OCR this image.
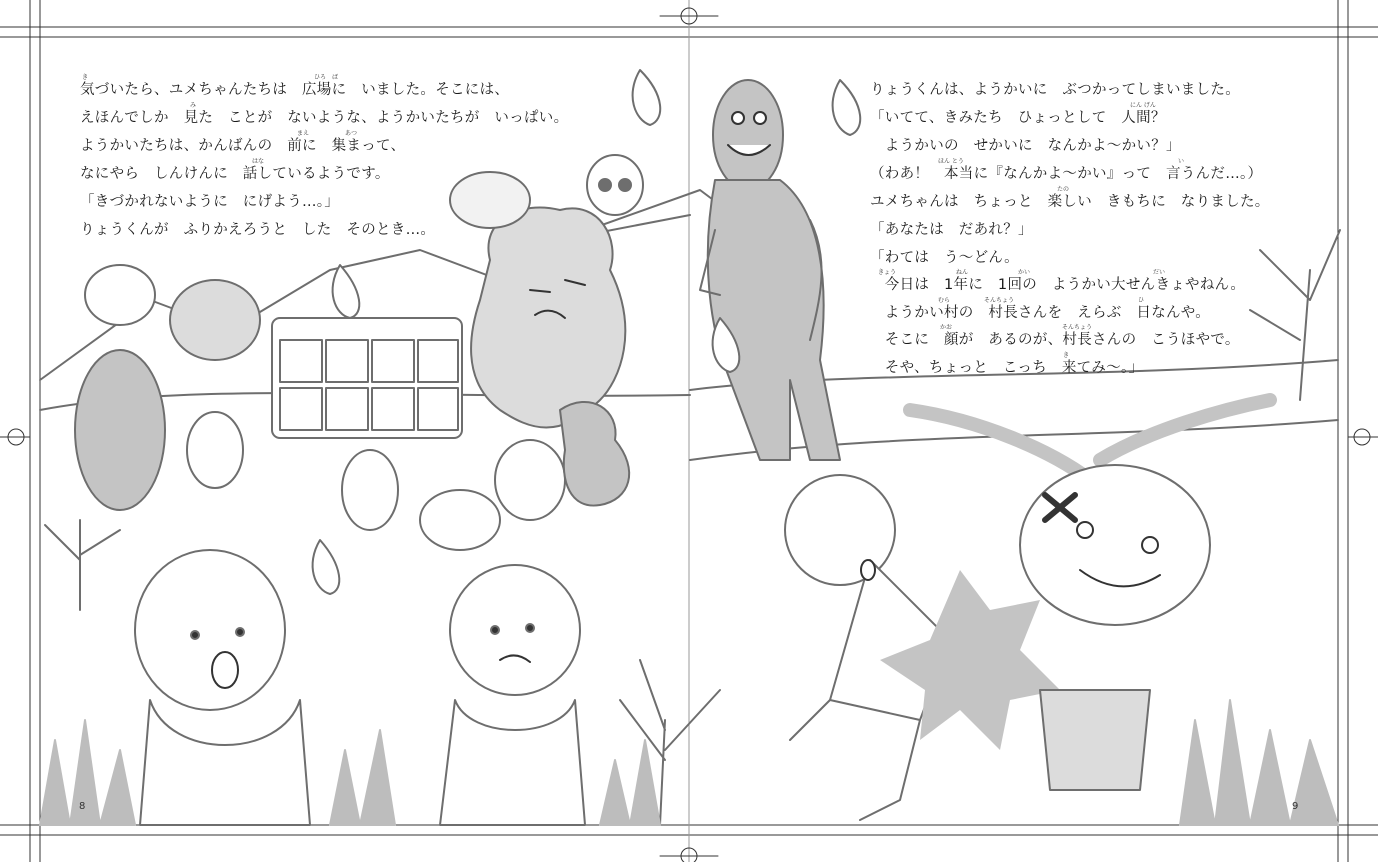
き	ひろ　ば
気づいたら、ユメちゃんたちは　広場に　いました。そこには、
み
えほんでしか　見た　ことが　ないような、ようかいたちが　いっぱい。
まえ	あつ
ようかいたちは、かんばんの　前に　集まって、
はな
なにやら　しんけんに　話しているようです。
「きづかれないように　にげよう…。」
りょうくんが　ふりかえろうと　した　そのとき…。
りょうくんは、ようかいに　ぶつかってしまいました。
にん げん
「いてて、きみたち　ひょっとして　人間？
　ようかいの　せかいに　なんかよ～かい？」
ほん とう	い
（わあ！　本当に『なんかよ～かい』って　言うんだ…。）
たの
ユメちゃんは　ちょっと　楽しい　きもちに　なりました。
「あなたは　だあれ？」
「わては　う～どん。
きょう	ねん	かい	だい
　今日は　1年に　1回の　ようかい大せんきょやねん。
むら	そんちょう	ひ
　ようかい村の　村長さんを　えらぶ　日なんや。
かお	そんちょう
　そこに　顔が　あるのが、村長さんの　こうほやで。
き
　そや、ちょっと　こっち　来てみ～。」
8	9
